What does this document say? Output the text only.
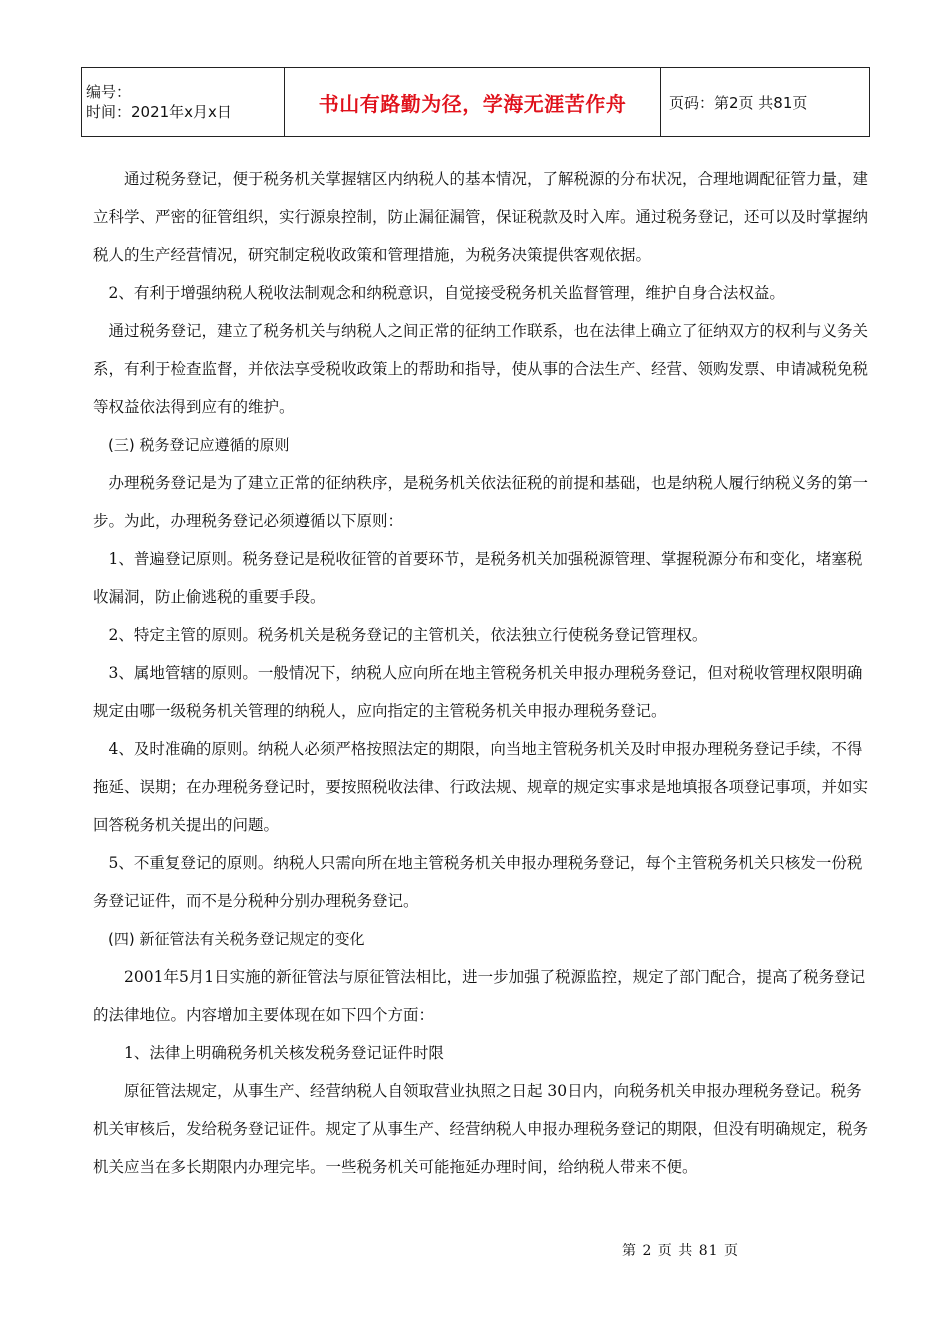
编号：
时间：2021年x月x日	书山有路勤为径，学海无涯苦作舟	页码：第2页 共81页

通过税务登记，便于税务机关掌握辖区内纳税人的基本情况，了解税源的分布状况，合理地调配征管力量，建立科学、严密的征管组织，实行源泉控制，防止漏征漏管，保证税款及时入库。通过税务登记，还可以及时掌握纳税人的生产经营情况，研究制定税收政策和管理措施，为税务决策提供客观依据。

2、有利于增强纳税人税收法制观念和纳税意识，自觉接受税务机关监督管理，维护自身合法权益。

通过税务登记，建立了税务机关与纳税人之间正常的征纳工作联系，也在法律上确立了征纳双方的权利与义务关系，有利于检查监督，并依法享受税收政策上的帮助和指导，使从事的合法生产、经营、领购发票、申请减税免税等权益依法得到应有的维护。

(三) 税务登记应遵循的原则

办理税务登记是为了建立正常的征纳秩序，是税务机关依法征税的前提和基础，也是纳税人履行纳税义务的第一步。为此，办理税务登记必须遵循以下原则：

1、普遍登记原则。税务登记是税收征管的首要环节，是税务机关加强税源管理、掌握税源分布和变化，堵塞税收漏洞，防止偷逃税的重要手段。

2、特定主管的原则。税务机关是税务登记的主管机关，依法独立行使税务登记管理权。

3、属地管辖的原则。一般情况下，纳税人应向所在地主管税务机关申报办理税务登记，但对税收管理权限明确规定由哪一级税务机关管理的纳税人，应向指定的主管税务机关申报办理税务登记。

4、及时准确的原则。纳税人必须严格按照法定的期限，向当地主管税务机关及时申报办理税务登记手续，不得拖延、误期；在办理税务登记时，要按照税收法律、行政法规、规章的规定实事求是地填报各项登记事项，并如实回答税务机关提出的问题。

5、不重复登记的原则。纳税人只需向所在地主管税务机关申报办理税务登记，每个主管税务机关只核发一份税务登记证件，而不是分税种分别办理税务登记。

(四) 新征管法有关税务登记规定的变化

2001年5月1日实施的新征管法与原征管法相比，进一步加强了税源监控，规定了部门配合，提高了税务登记的法律地位。内容增加主要体现在如下四个方面：

1、法律上明确税务机关核发税务登记证件时限

原征管法规定，从事生产、经营纳税人自领取营业执照之日起 30日内，向税务机关申报办理税务登记。税务机关审核后，发给税务登记证件。规定了从事生产、经营纳税人申报办理税务登记的期限，但没有明确规定，税务机关应当在多长期限内办理完毕。一些税务机关可能拖延办理时间，给纳税人带来不便。

第 2 页 共 81 页
